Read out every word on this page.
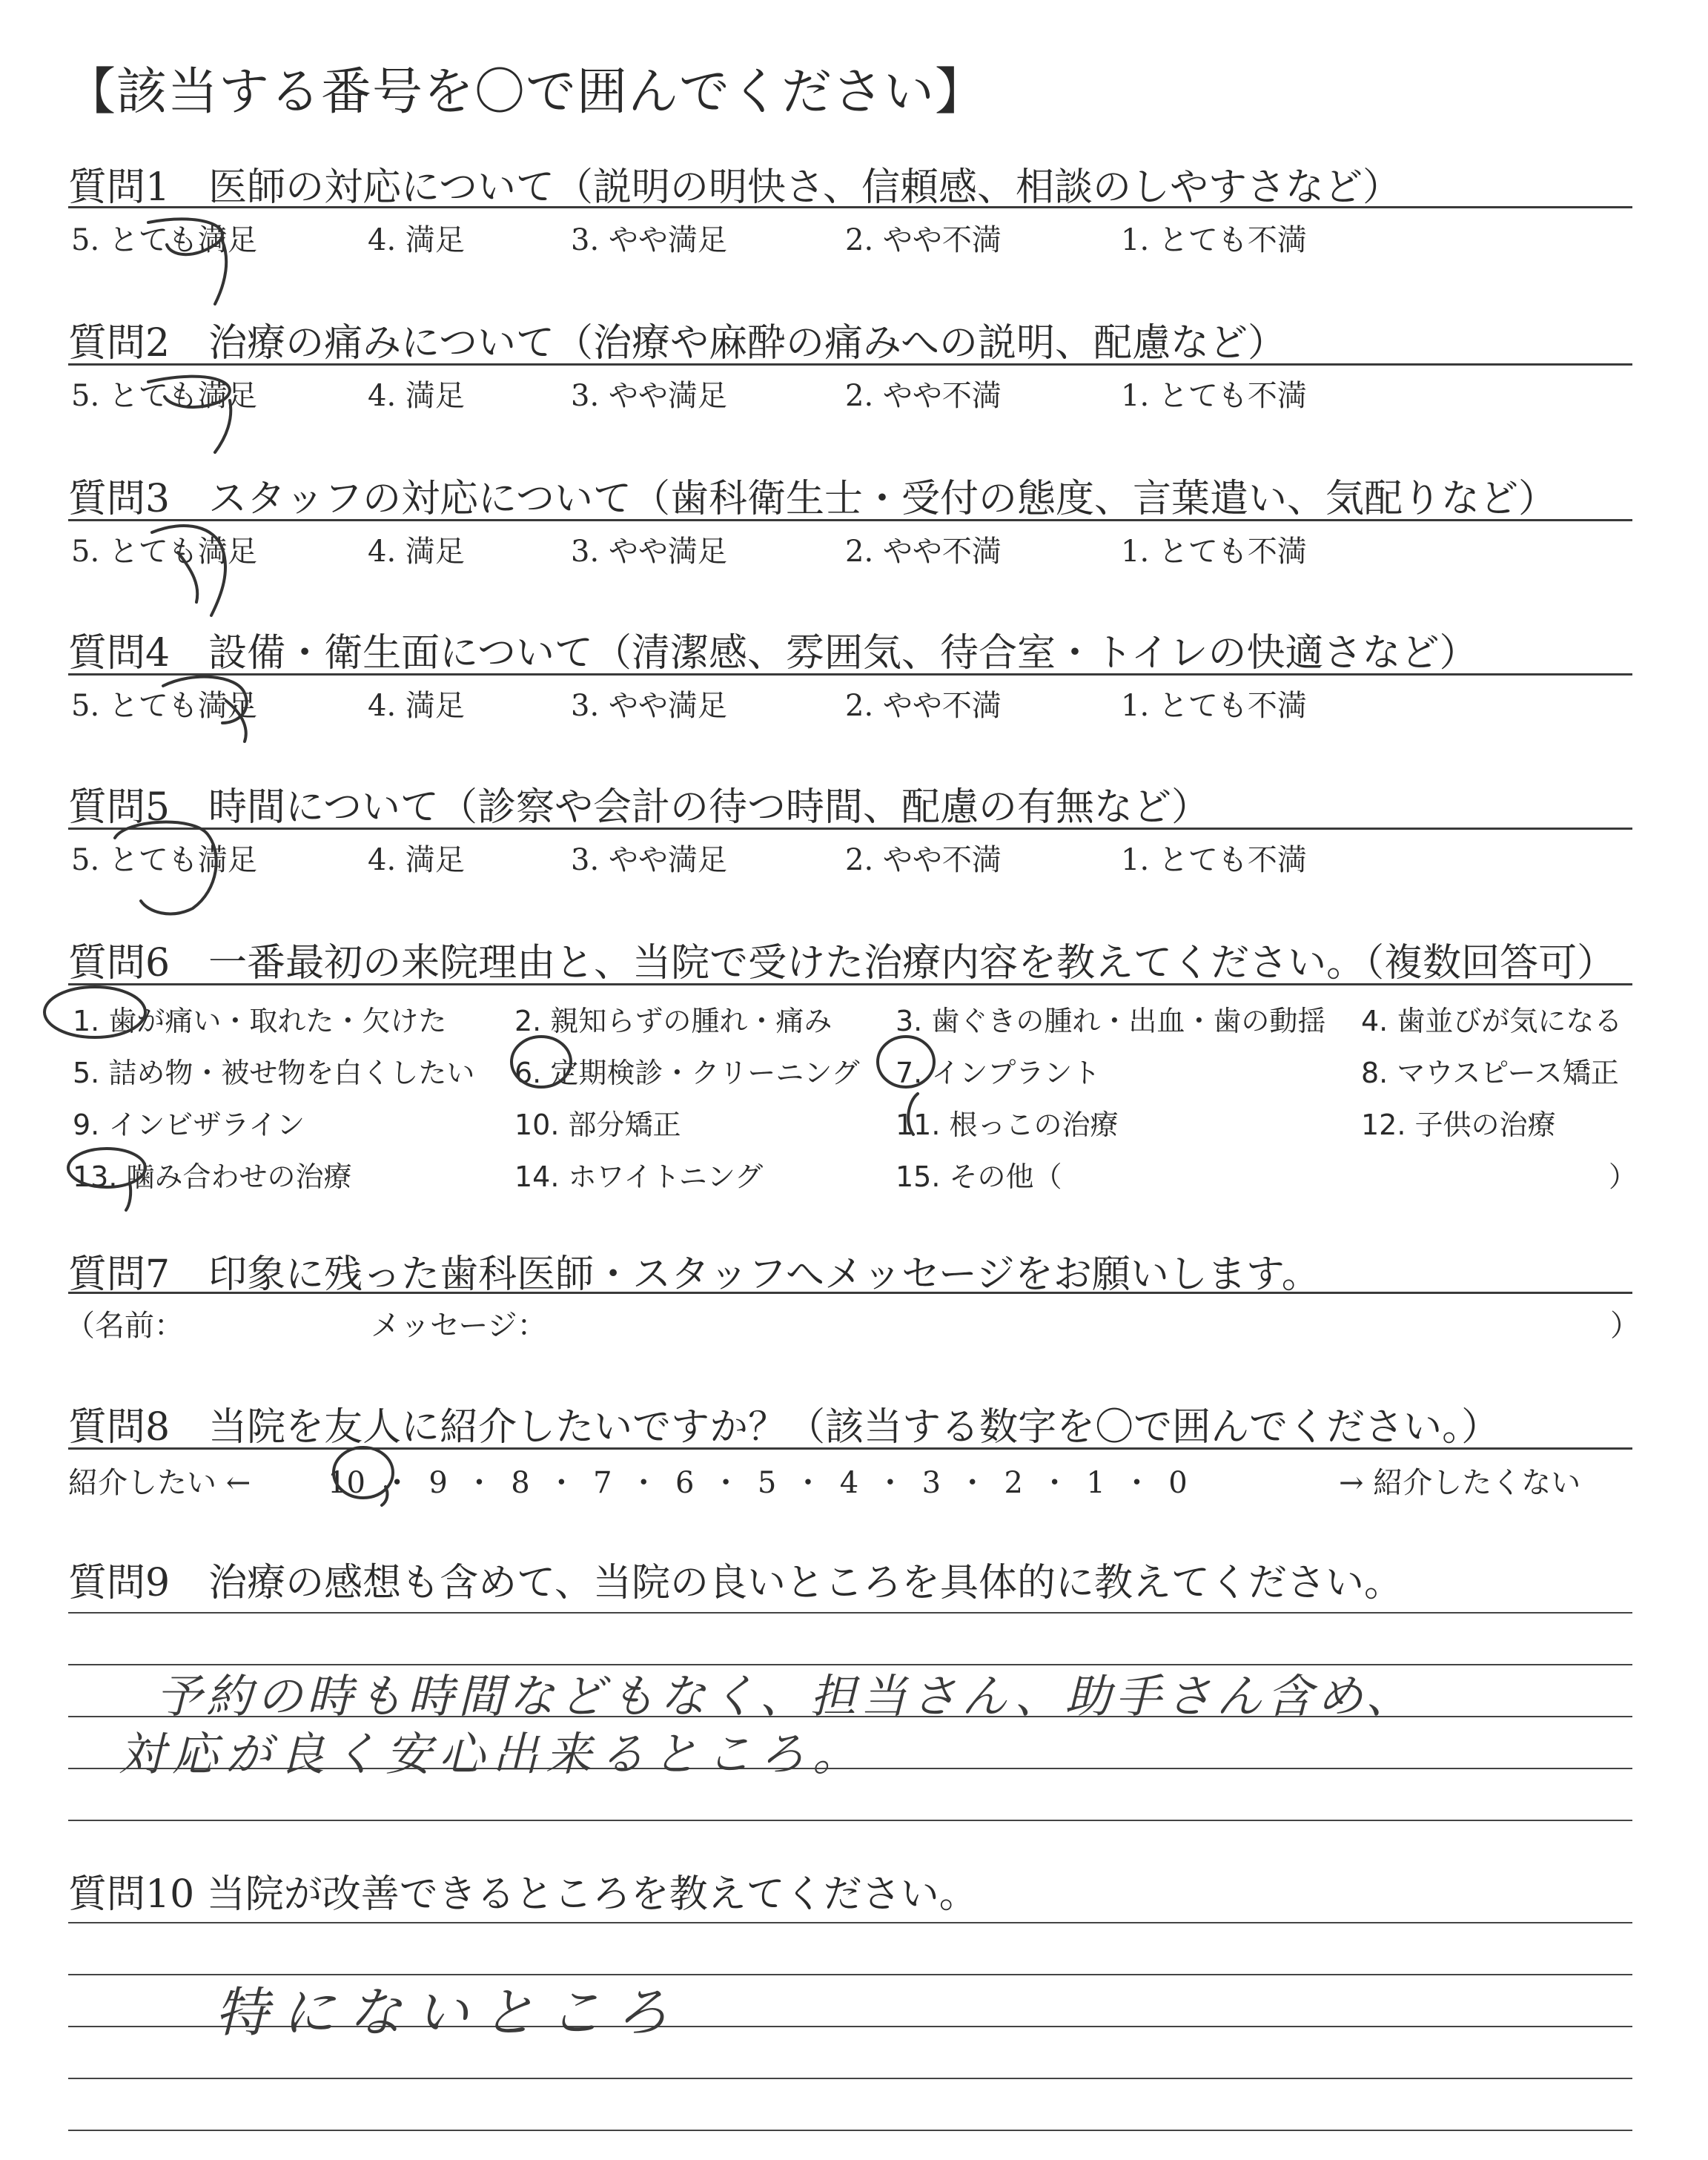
【該当する番号を〇で囲んでください】
質問1　医師の対応について（説明の明快さ、信頼感、相談のしやすさなど）
5. とても満足	4. 満足	3. やや満足	2. やや不満	1. とても不満
質問2　治療の痛みについて（治療や麻酔の痛みへの説明、配慮など）
5. とても満足	4. 満足	3. やや満足	2. やや不満	1. とても不満
質問3　スタッフの対応について（歯科衛生士・受付の態度、言葉遣い、気配りなど）
5. とても満足	4. 満足	3. やや満足	2. やや不満	1. とても不満
質問4　設備・衛生面について（清潔感、雰囲気、待合室・トイレの快適さなど）
5. とても満足	4. 満足	3. やや満足	2. やや不満	1. とても不満
質問5　時間について（診察や会計の待つ時間、配慮の有無など）
5. とても満足	4. 満足	3. やや満足	2. やや不満	1. とても不満
質問6　一番最初の来院理由と、当院で受けた治療内容を教えてください。（複数回答可）
1. 歯が痛い・取れた・欠けた 2. 親知らずの腫れ・痛み 3. 歯ぐきの腫れ・出血・歯の動揺 4. 歯並びが気になる
5. 詰め物・被せ物を白くしたい 6. 定期検診・クリーニング 7. インプラント	8. マウスピース矯正
9. インビザライン	10. 部分矯正	11. 根っこの治療	12. 子供の治療
13. 噛み合わせの治療	14. ホワイトニング	15. その他（	）
質問7　印象に残った歯科医師・スタッフへメッセージをお願いします。
（名前：	メッセージ：	）
質問8　当院を友人に紹介したいですか？（該当する数字を〇で囲んでください。）
紹介したい ←	10 ・ 9 ・ 8 ・ 7 ・ 6 ・ 5 ・ 4 ・ 3 ・ 2 ・ 1 ・ 0	→ 紹介したくない
質問9　治療の感想も含めて、当院の良いところを具体的に教えてください。
予約の時も時間などもなく、担当さん、助手さん含め、
対応が良く安心出来るところ。
質問10 当院が改善できるところを教えてください。
特にないところ
